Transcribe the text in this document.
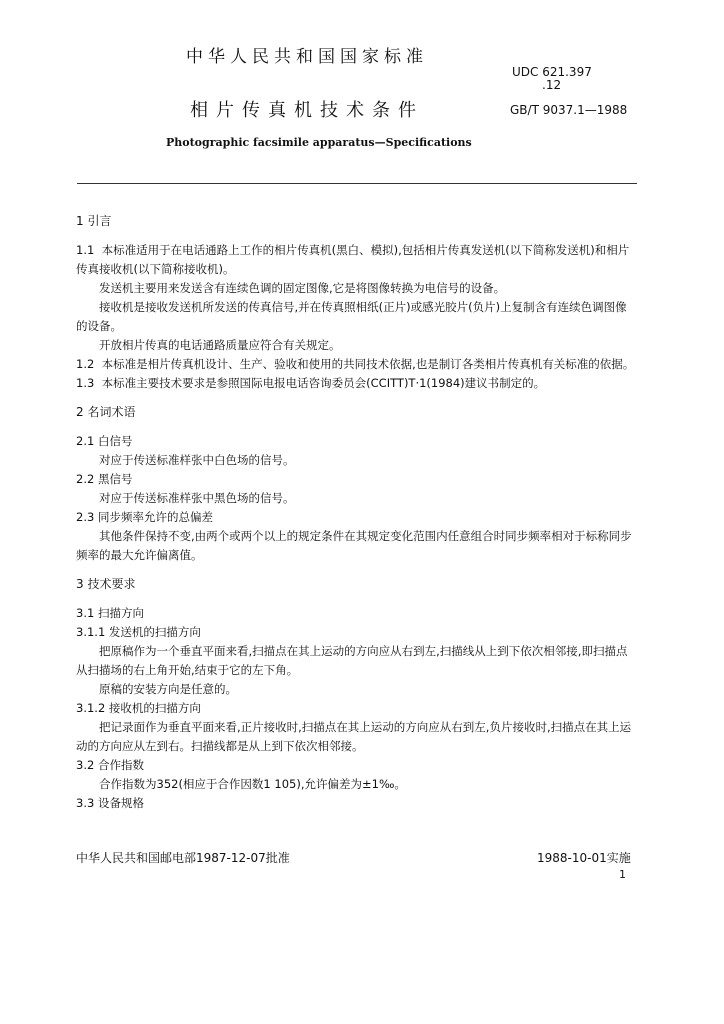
中华人民共和国国家标准
UDC 621.397
.12
相片传真机技术条件	GB/T 9037.1—1988
Photographic facsimile apparatus—Specifications

1 引言

1.1 本标准适用于在电话通路上工作的相片传真机(黑白、模拟),包括相片传真发送机(以下简称发送机)和相片传真接收机(以下简称接收机)。

发送机主要用来发送含有连续色调的固定图像,它是将图像转换为电信号的设备。

接收机是接收发送机所发送的传真信号,并在传真照相纸(正片)或感光胶片(负片)上复制含有连续色调图像的设备。

开放相片传真的电话通路质量应符合有关规定。

1.2 本标准是相片传真机设计、生产、验收和使用的共同技术依据,也是制订各类相片传真机有关标准的依据。

1.3 本标准主要技术要求是参照国际电报电话咨询委员会(CCITT)T·1(1984)建议书制定的。

2 名词术语

2.1 白信号

对应于传送标准样张中白色场的信号。

2.2 黑信号

对应于传送标准样张中黑色场的信号。

2.3 同步频率允许的总偏差

其他条件保持不变,由两个或两个以上的规定条件在其规定变化范围内任意组合时同步频率相对于标称同步频率的最大允许偏离值。

3 技术要求

3.1 扫描方向

3.1.1 发送机的扫描方向

把原稿作为一个垂直平面来看,扫描点在其上运动的方向应从右到左,扫描线从上到下依次相邻接,即扫描点从扫描场的右上角开始,结束于它的左下角。

原稿的安装方向是任意的。

3.1.2 接收机的扫描方向

把记录面作为垂直平面来看,正片接收时,扫描点在其上运动的方向应从右到左,负片接收时,扫描点在其上运动的方向应从左到右。扫描线都是从上到下依次相邻接。

3.2 合作指数

合作指数为352(相应于合作因数1 105),允许偏差为±1‰。

3.3 设备规格

中华人民共和国邮电部1987-12-07批准	1988-10-01实施
1
